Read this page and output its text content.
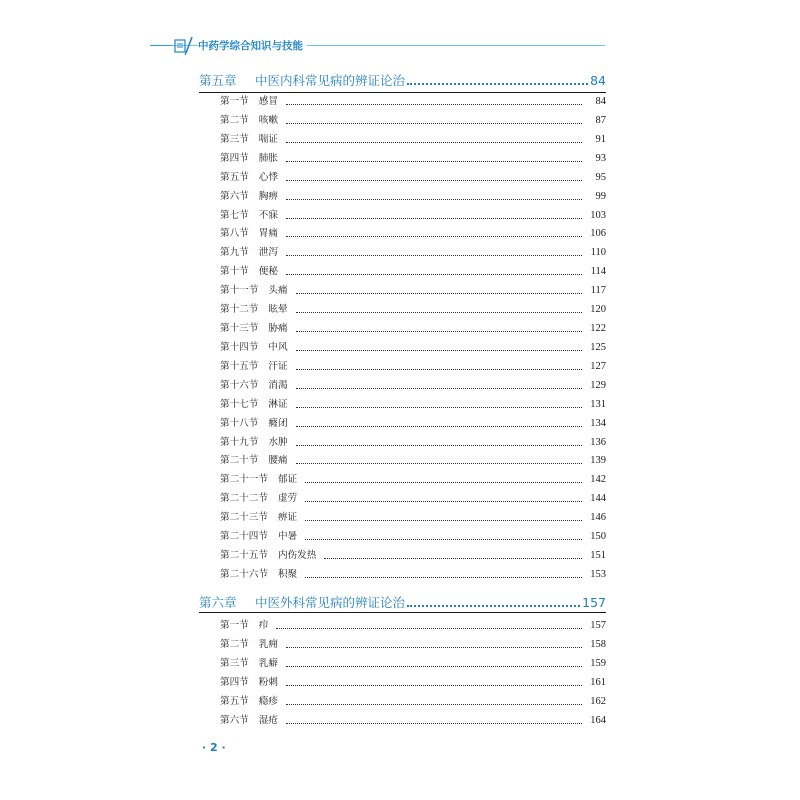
中药学综合知识与技能
第五章	中医内科常见病的辨证论治	84
第一节	感冒	84
第二节	咳嗽	87
第三节	喘证	91
第四节	肺胀	93
第五节	心悸	95
第六节	胸痹	99
第七节	不寐	103
第八节	胃痛	106
第九节	泄泻	110
第十节	便秘	114
第十一节	头痛	117
第十二节	眩晕	120
第十三节	胁痛	122
第十四节	中风	125
第十五节	汗证	127
第十六节	消渴	129
第十七节	淋证	131
第十八节	癃闭	134
第十九节	水肿	136
第二十节	腰痛	139
第二十一节	郁证	142
第二十二节	虚劳	144
第二十三节	痹证	146
第二十四节	中暑	150
第二十五节	内伤发热	151
第二十六节	积聚	153
第六章	中医外科常见病的辨证论治	157
第一节	疖	157
第二节	乳痈	158
第三节	乳癖	159
第四节	粉刺	161
第五节	瘾疹	162
第六节	湿疮	164
· 2 ·
